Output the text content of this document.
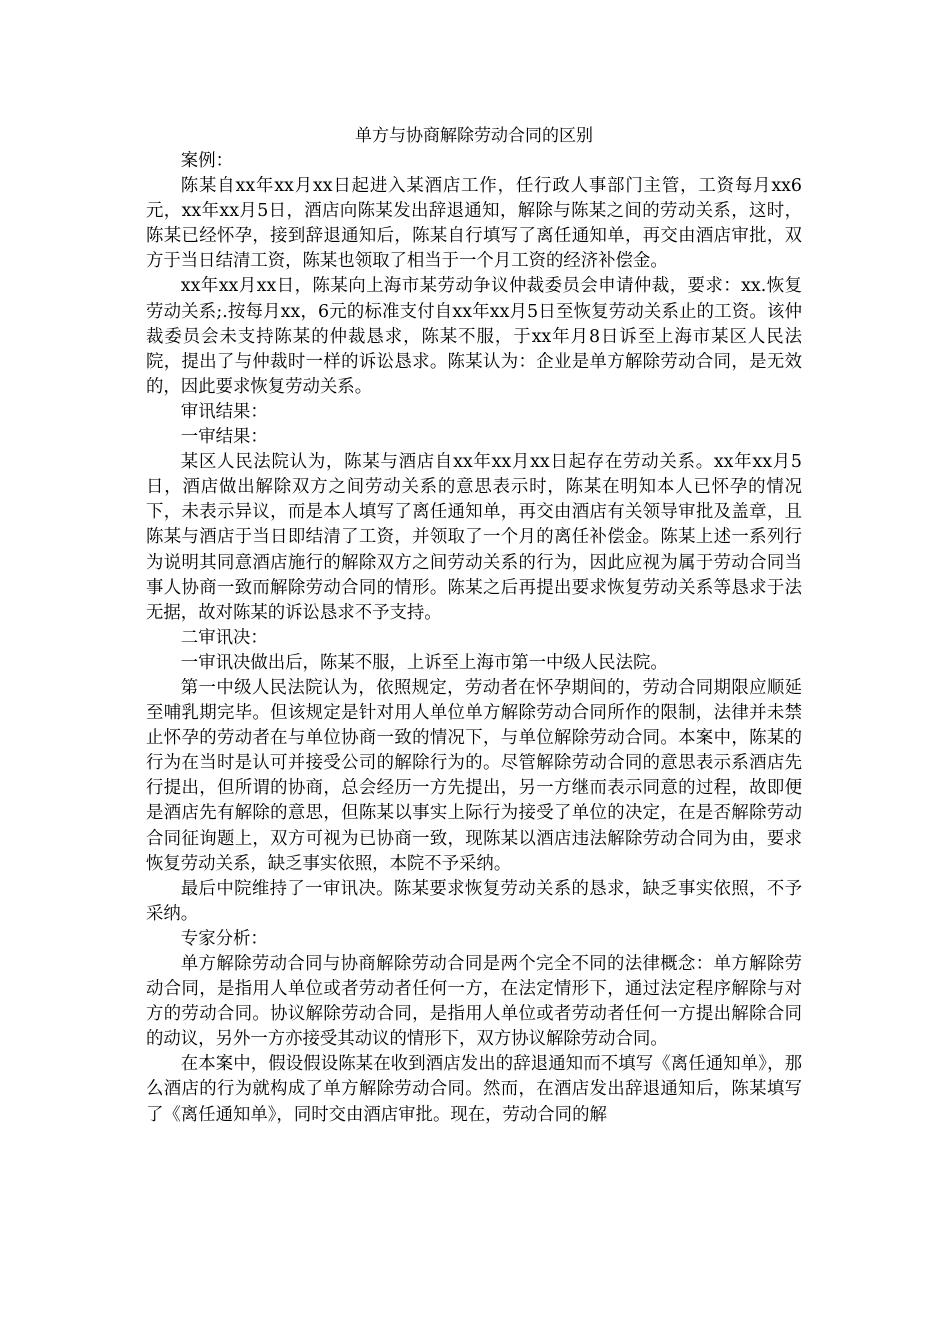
单方与协商解除劳动合同的区别

案例：

陈某自xx年xx月xx日起进入某酒店工作，任行政人事部门主管，工资每月xx6元，xx年xx月5日，酒店向陈某发出辞退通知，解除与陈某之间的劳动关系，这时，陈某已经怀孕，接到辞退通知后，陈某自行填写了离任通知单，再交由酒店审批，双方于当日结清工资，陈某也领取了相当于一个月工资的经济补偿金。

xx年xx月xx日，陈某向上海市某劳动争议仲裁委员会申请仲裁，要求：xx.恢复劳动关系;.按每月xx，6元的标准支付自xx年xx月5日至恢复劳动关系止的工资。该仲裁委员会未支持陈某的仲裁恳求，陈某不服，于xx年月8日诉至上海市某区人民法院，提出了与仲裁时一样的诉讼恳求。陈某认为：企业是单方解除劳动合同，是无效的，因此要求恢复劳动关系。

审讯结果：

一审结果：

某区人民法院认为，陈某与酒店自xx年xx月xx日起存在劳动关系。xx年xx月5日，酒店做出解除双方之间劳动关系的意思表示时，陈某在明知本人已怀孕的情况下，未表示异议，而是本人填写了离任通知单，再交由酒店有关领导审批及盖章，且陈某与酒店于当日即结清了工资，并领取了一个月的离任补偿金。陈某上述一系列行为说明其同意酒店施行的解除双方之间劳动关系的行为，因此应视为属于劳动合同当事人协商一致而解除劳动合同的情形。陈某之后再提出要求恢复劳动关系等恳求于法无据，故对陈某的诉讼恳求不予支持。

二审讯决：

一审讯决做出后，陈某不服，上诉至上海市第一中级人民法院。

第一中级人民法院认为，依照规定，劳动者在怀孕期间的，劳动合同期限应顺延至哺乳期完毕。但该规定是针对用人单位单方解除劳动合同所作的限制，法律并未禁止怀孕的劳动者在与单位协商一致的情况下，与单位解除劳动合同。本案中，陈某的行为在当时是认可并接受公司的解除行为的。尽管解除劳动合同的意思表示系酒店先行提出，但所谓的协商，总会经历一方先提出，另一方继而表示同意的过程，故即便是酒店先有解除的意思，但陈某以事实上际行为接受了单位的决定，在是否解除劳动合同征询题上，双方可视为已协商一致，现陈某以酒店违法解除劳动合同为由，要求恢复劳动关系，缺乏事实依照，本院不予采纳。

最后中院维持了一审讯决。陈某要求恢复劳动关系的恳求，缺乏事实依照，不予采纳。

专家分析：

单方解除劳动合同与协商解除劳动合同是两个完全不同的法律概念：单方解除劳动合同，是指用人单位或者劳动者任何一方，在法定情形下，通过法定程序解除与对方的劳动合同。协议解除劳动合同，是指用人单位或者劳动者任何一方提出解除合同的动议，另外一方亦接受其动议的情形下，双方协议解除劳动合同。

在本案中，假设假设陈某在收到酒店发出的辞退通知而不填写《离任通知单》，那么酒店的行为就构成了单方解除劳动合同。然而，在酒店发出辞退通知后，陈某填写了《离任通知单》，同时交由酒店审批。现在，劳动合同的解
